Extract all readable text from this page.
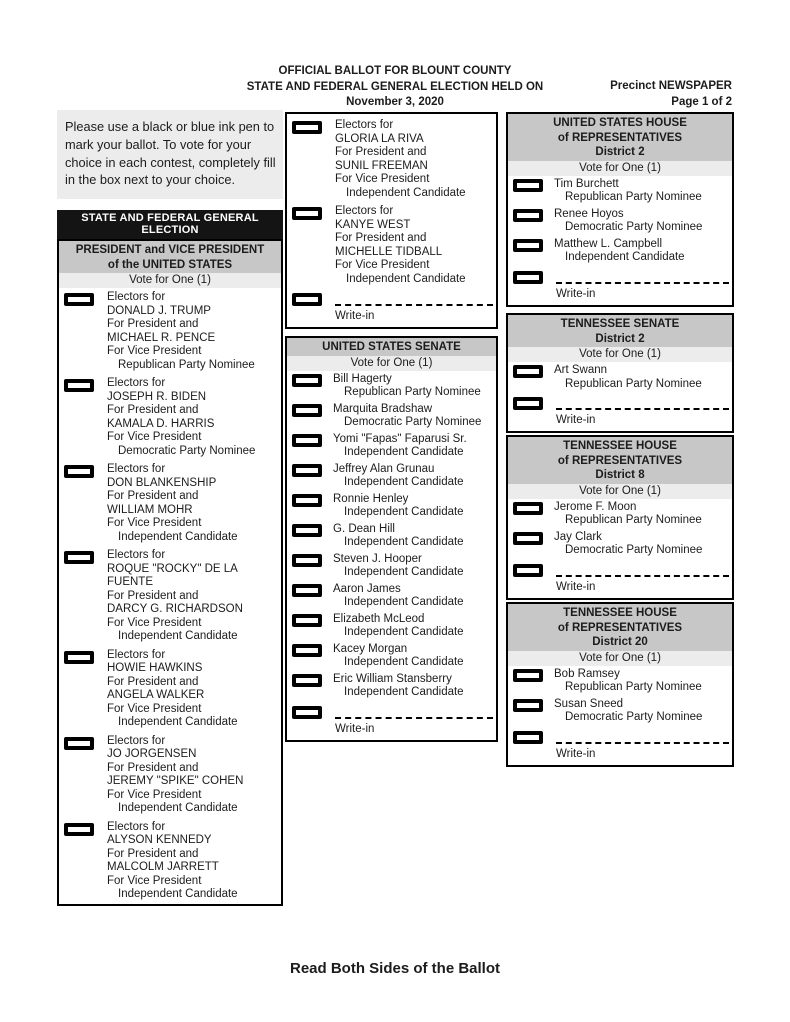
OFFICIAL BALLOT FOR BLOUNT COUNTY
STATE AND FEDERAL GENERAL ELECTION HELD ON
November 3, 2020
Precinct NEWSPAPER
Page 1 of 2
Please use a black or blue ink pen to mark your ballot. To vote for your choice in each contest, completely fill in the box next to your choice.
STATE AND FEDERAL GENERAL ELECTION
PRESIDENT and VICE PRESIDENT
of the UNITED STATES
Vote for One (1)
Electors for
DONALD J. TRUMP
For President and
MICHAEL R. PENCE
For Vice President
Republican Party Nominee
Electors for
JOSEPH R. BIDEN
For President and
KAMALA D. HARRIS
For Vice President
Democratic Party Nominee
Electors for
DON BLANKENSHIP
For President and
WILLIAM MOHR
For Vice President
Independent Candidate
Electors for
ROQUE "ROCKY" DE LA FUENTE
For President and
DARCY G. RICHARDSON
For Vice President
Independent Candidate
Electors for
HOWIE HAWKINS
For President and
ANGELA WALKER
For Vice President
Independent Candidate
Electors for
JO JORGENSEN
For President and
JEREMY "SPIKE" COHEN
For Vice President
Independent Candidate
Electors for
ALYSON KENNEDY
For President and
MALCOLM JARRETT
For Vice President
Independent Candidate
Electors for
GLORIA LA RIVA
For President and
SUNIL FREEMAN
For Vice President
Independent Candidate
Electors for
KANYE WEST
For President and
MICHELLE TIDBALL
For Vice President
Independent Candidate
Write-in
UNITED STATES SENATE
Vote for One (1)
Bill Hagerty
Republican Party Nominee
Marquita Bradshaw
Democratic Party Nominee
Yomi "Fapas" Faparusi Sr.
Independent Candidate
Jeffrey Alan Grunau
Independent Candidate
Ronnie Henley
Independent Candidate
G. Dean Hill
Independent Candidate
Steven J. Hooper
Independent Candidate
Aaron James
Independent Candidate
Elizabeth McLeod
Independent Candidate
Kacey Morgan
Independent Candidate
Eric William Stansberry
Independent Candidate
Write-in
UNITED STATES HOUSE
of REPRESENTATIVES
District 2
Vote for One (1)
Tim Burchett
Republican Party Nominee
Renee Hoyos
Democratic Party Nominee
Matthew L. Campbell
Independent Candidate
Write-in
TENNESSEE SENATE
District 2
Vote for One (1)
Art Swann
Republican Party Nominee
Write-in
TENNESSEE HOUSE
of REPRESENTATIVES
District 8
Vote for One (1)
Jerome F. Moon
Republican Party Nominee
Jay Clark
Democratic Party Nominee
Write-in
TENNESSEE HOUSE
of REPRESENTATIVES
District 20
Vote for One (1)
Bob Ramsey
Republican Party Nominee
Susan Sneed
Democratic Party Nominee
Write-in
Read Both Sides of the Ballot
